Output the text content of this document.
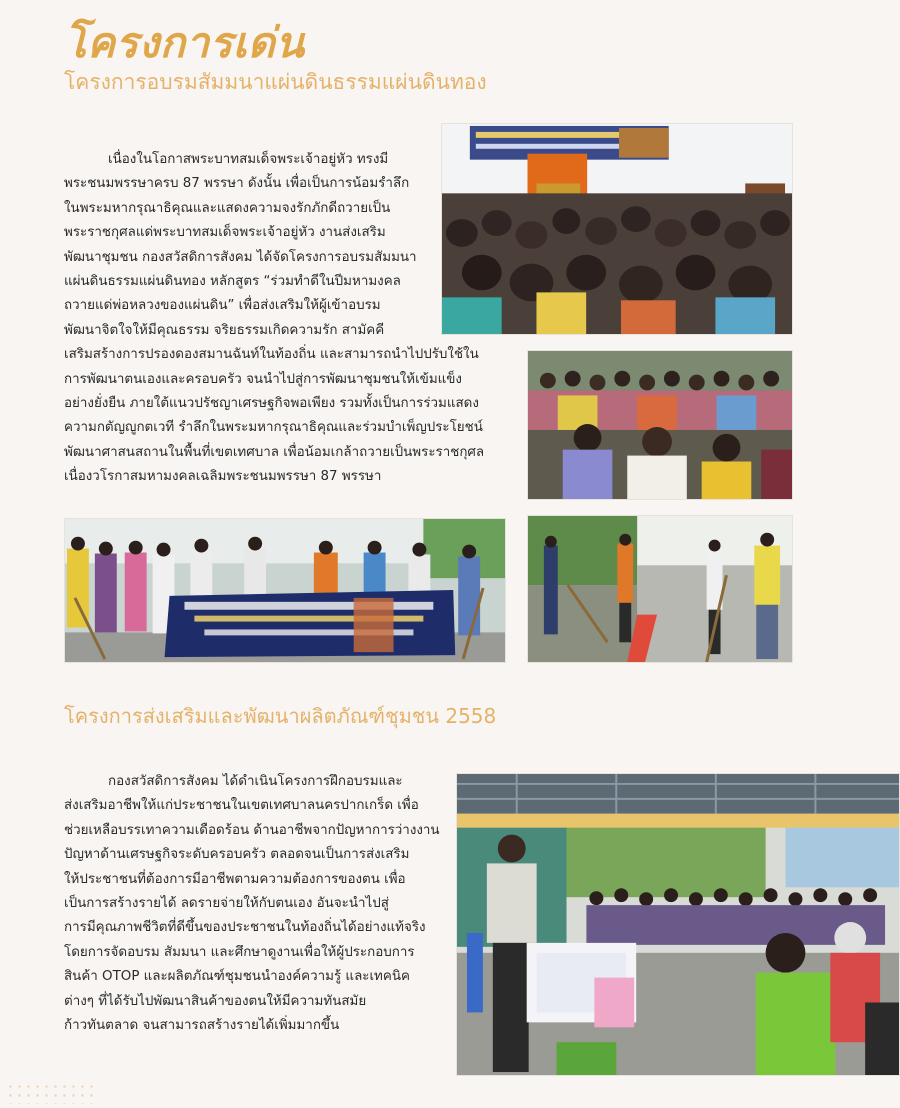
โครงการเด่น
โครงการอบรมสัมมนาแผ่นดินธรรมแผ่นดินทอง
เนื่องในโอกาสพระบาทสมเด็จพระเจ้าอยู่หัว ทรงมี
พระชนมพรรษาครบ 87 พรรษา ดังนั้น เพื่อเป็นการน้อมรำลึก
ในพระมหากรุณาธิคุณและแสดงความจงรักภักดีถวายเป็น
พระราชกุศลแด่พระบาทสมเด็จพระเจ้าอยู่หัว งานส่งเสริม
พัฒนาชุมชน กองสวัสดิการสังคม ได้จัดโครงการอบรมสัมมนา
แผ่นดินธรรมแผ่นดินทอง หลักสูตร “ร่วมทำดีในปีมหามงคล
ถวายแด่พ่อหลวงของแผ่นดิน” เพื่อส่งเสริมให้ผู้เข้าอบรม
พัฒนาจิตใจให้มีคุณธรรม จริยธรรมเกิดความรัก สามัคคี
เสริมสร้างการปรองดองสมานฉันท์ในท้องถิ่น และสามารถนำไปปรับใช้ใน
การพัฒนาตนเองและครอบครัว จนนำไปสู่การพัฒนาชุมชนให้เข้มแข็ง
อย่างยั่งยืน ภายใต้แนวปรัชญาเศรษฐกิจพอเพียง รวมทั้งเป็นการร่วมแสดง
ความกตัญญูกตเวที รำลึกในพระมหากรุณาธิคุณและร่วมบำเพ็ญประโยชน์
พัฒนาศาสนสถานในพื้นที่เขตเทศบาล เพื่อน้อมเกล้าถวายเป็นพระราชกุศล
เนื่องวโรกาสมหามงคลเฉลิมพระชนมพรรษา 87 พรรษา
โครงการส่งเสริมและพัฒนาผลิตภัณฑ์ชุมชน 2558
กองสวัสดิการสังคม ได้ดำเนินโครงการฝึกอบรมและ
ส่งเสริมอาชีพให้แก่ประชาชนในเขตเทศบาลนครปากเกร็ด เพื่อ
ช่วยเหลือบรรเทาความเดือดร้อน ด้านอาชีพจากปัญหาการว่างงาน
ปัญหาด้านเศรษฐกิจระดับครอบครัว ตลอดจนเป็นการส่งเสริม
ให้ประชาชนที่ต้องการมีอาชีพตามความต้องการของตน เพื่อ
เป็นการสร้างรายได้ ลดรายจ่ายให้กับตนเอง อันจะนำไปสู่
การมีคุณภาพชีวิตที่ดีขึ้นของประชาชนในท้องถิ่นได้อย่างแท้จริง
โดยการจัดอบรม สัมมนา และศึกษาดูงานเพื่อให้ผู้ประกอบการ
สินค้า OTOP และผลิตภัณฑ์ชุมชนนำองค์ความรู้ และเทคนิค
ต่างๆ ที่ได้รับไปพัฒนาสินค้าของตนให้มีความทันสมัย
ก้าวทันตลาด จนสามารถสร้างรายได้เพิ่มมากขึ้น
